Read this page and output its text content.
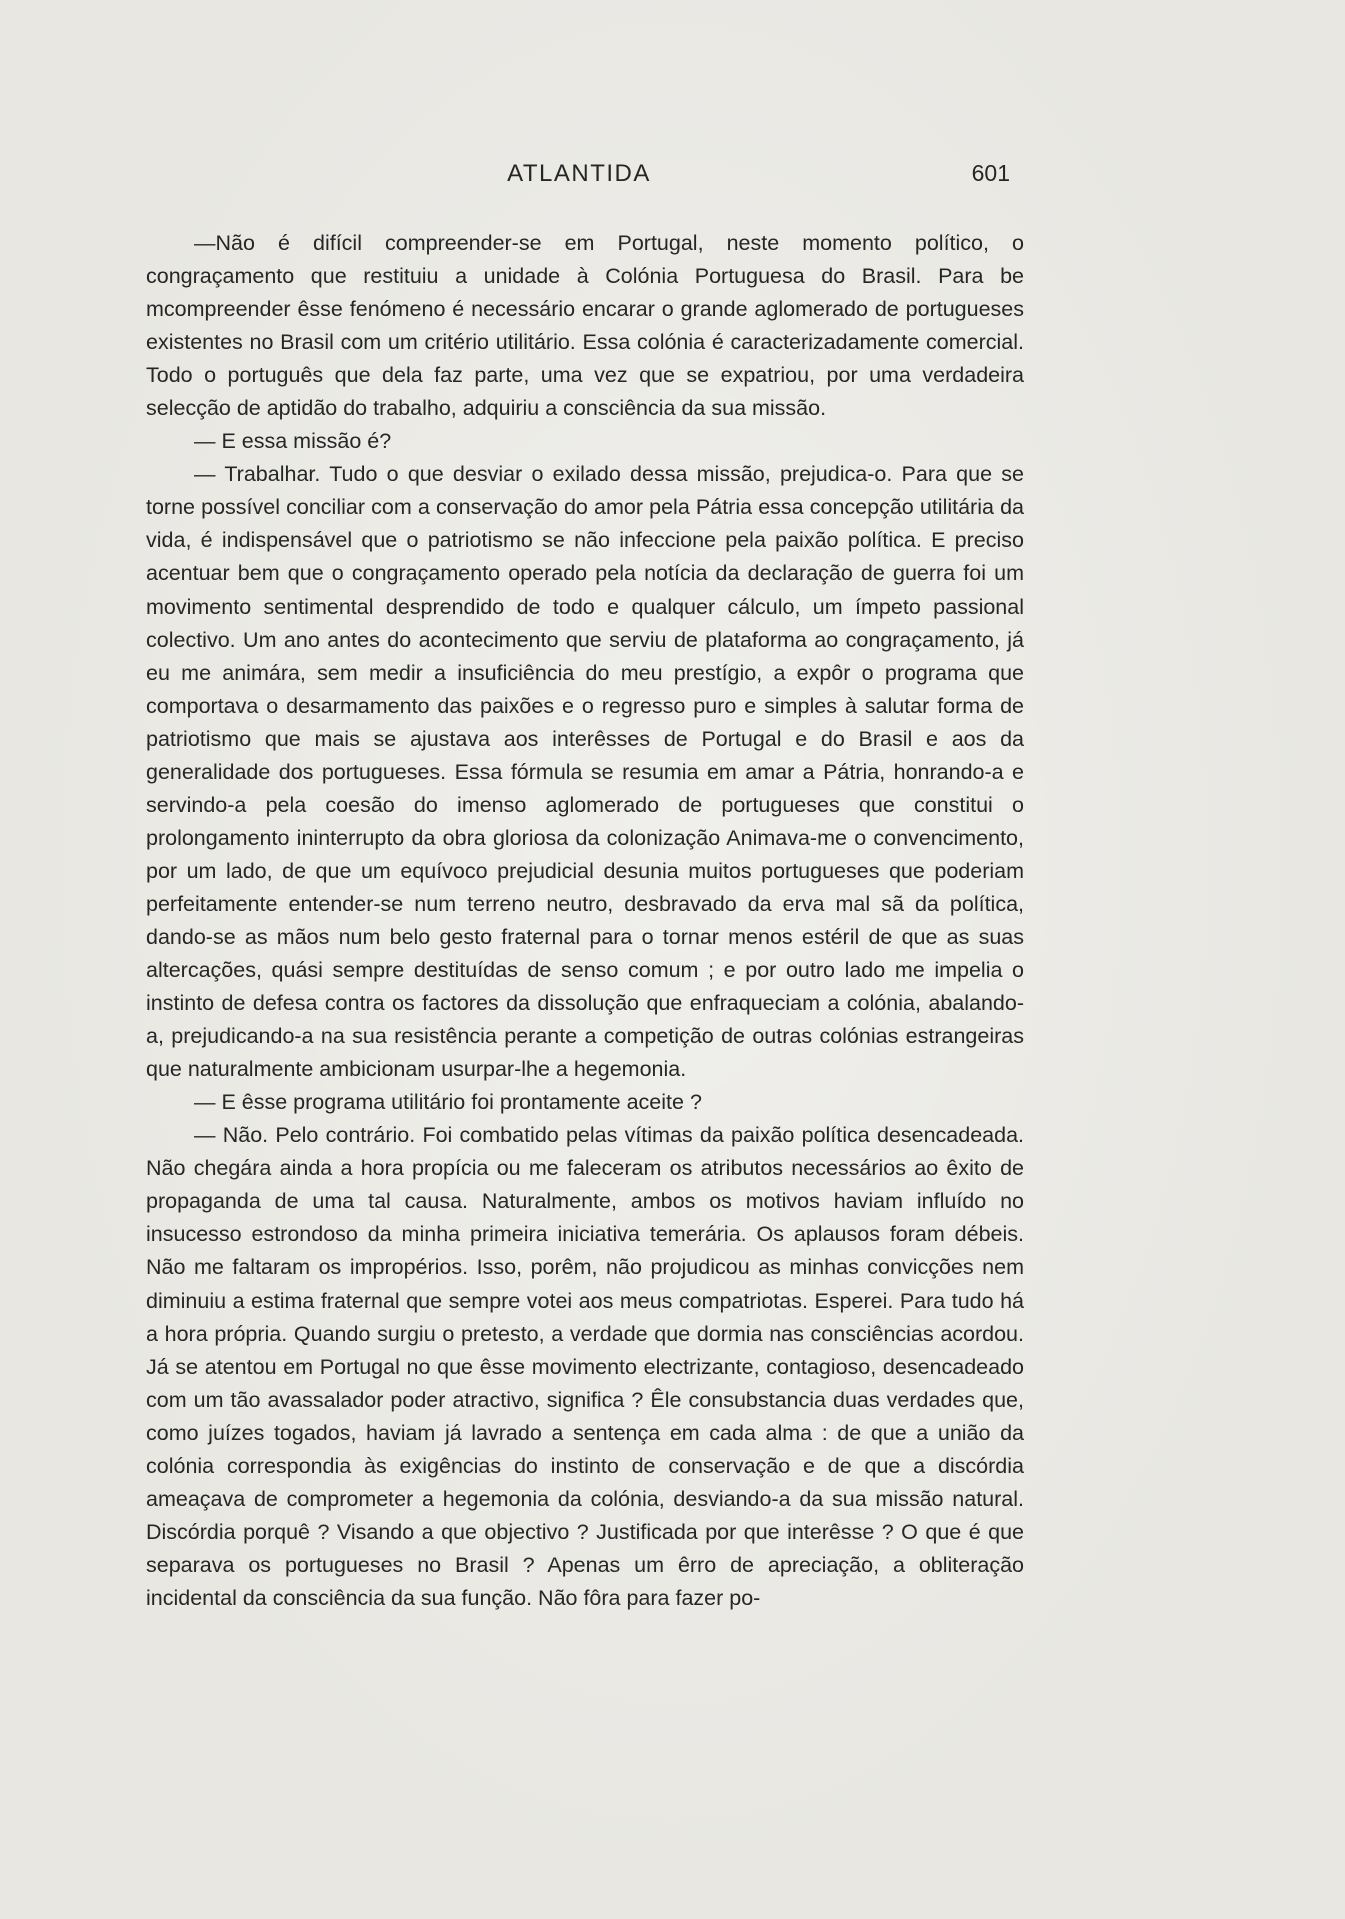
ATLANTIDA	601

—Não é difícil compreender-se em Portugal, neste momento político, o congraçamento que restituiu a unidade à Colónia Portuguesa do Brasil. Para be mcompreender êsse fenómeno é necessário encarar o grande aglomerado de portugueses existentes no Brasil com um critério utilitário. Essa colónia é caracterizadamente comercial. Todo o português que dela faz parte, uma vez que se expatriou, por uma verdadeira selecção de aptidão do trabalho, adquiriu a consciência da sua missão.

— E essa missão é?

— Trabalhar. Tudo o que desviar o exilado dessa missão, prejudica-o. Para que se torne possível conciliar com a conservação do amor pela Pátria essa concepção utilitária da vida, é indispensável que o patriotismo se não infeccione pela paixão política. E preciso acentuar bem que o congraçamento operado pela notícia da declaração de guerra foi um movimento sentimental desprendido de todo e qualquer cálculo, um ímpeto passional colectivo. Um ano antes do acontecimento que serviu de plataforma ao congraçamento, já eu me animára, sem medir a insuficiência do meu prestígio, a expôr o programa que comportava o desarmamento das paixões e o regresso puro e simples à salutar forma de patriotismo que mais se ajustava aos interêsses de Portugal e do Brasil e aos da generalidade dos portugueses. Essa fórmula se resumia em amar a Pátria, honrando-a e servindo-a pela coesão do imenso aglomerado de portugueses que constitui o prolongamento ininterrupto da obra gloriosa da colonização Animava-me o convencimento, por um lado, de que um equívoco prejudicial desunia muitos portugueses que poderiam perfeitamente entender-se num terreno neutro, desbravado da erva mal sã da política, dando-se as mãos num belo gesto fraternal para o tornar menos estéril de que as suas altercações, quási sempre destituídas de senso comum ; e por outro lado me impelia o instinto de defesa contra os factores da dissolução que enfraqueciam a colónia, abalando-a, prejudicando-a na sua resistência perante a competição de outras colónias estrangeiras que naturalmente ambicionam usurpar-lhe a hegemonia.

— E êsse programa utilitário foi prontamente aceite ?

— Não. Pelo contrário. Foi combatido pelas vítimas da paixão política desencadeada. Não chegára ainda a hora propícia ou me faleceram os atributos necessários ao êxito de propaganda de uma tal causa. Naturalmente, ambos os motivos haviam influído no insucesso estrondoso da minha primeira iniciativa temerária. Os aplausos foram débeis. Não me faltaram os impropérios. Isso, porêm, não projudicou as minhas convicções nem diminuiu a estima fraternal que sempre votei aos meus compatriotas. Esperei. Para tudo há a hora própria. Quando surgiu o pretesto, a verdade que dormia nas consciências acordou. Já se atentou em Portugal no que êsse movimento electrizante, contagioso, desencadeado com um tão avassalador poder atractivo, significa ? Êle consubstancia duas verdades que, como juízes togados, haviam já lavrado a sentença em cada alma : de que a união da colónia correspondia às exigências do instinto de conservação e de que a discórdia ameaçava de comprometer a hegemonia da colónia, desviando-a da sua missão natural. Discórdia porquê ? Visando a que objectivo ? Justificada por que interêsse ? O que é que separava os portugueses no Brasil ? Apenas um êrro de apreciação, a obliteração incidental da consciência da sua função. Não fôra para fazer po-
